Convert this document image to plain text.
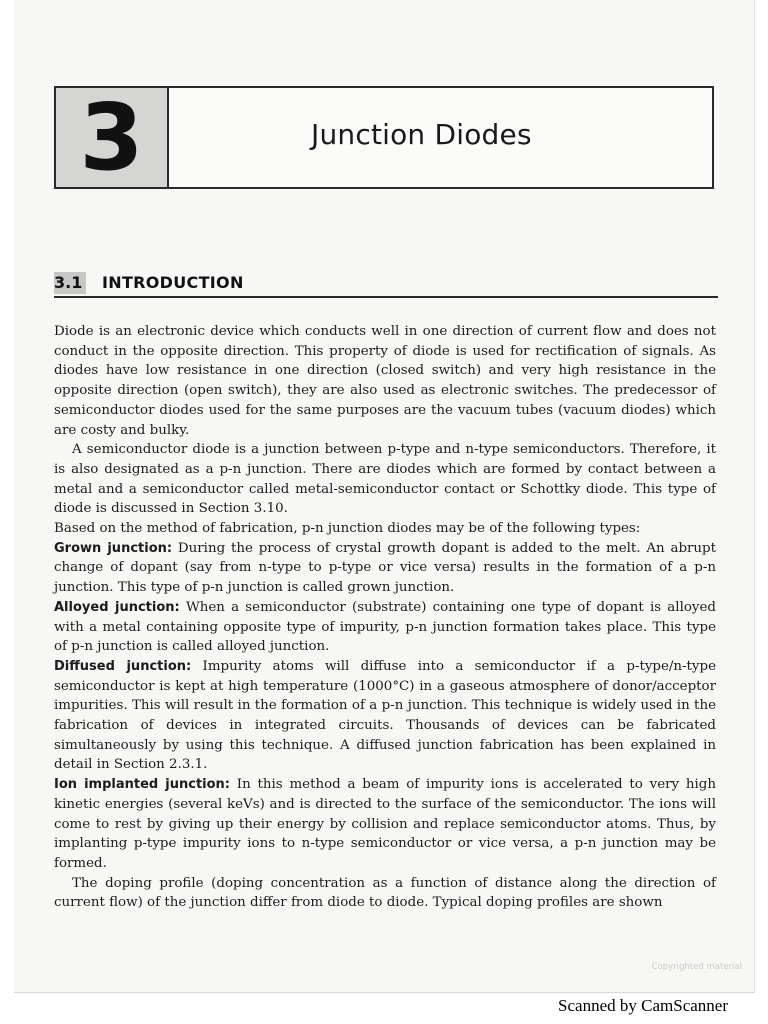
3	Junction Diodes
3.1 INTRODUCTION

Diode is an electronic device which conducts well in one direction of current flow and does not conduct in the opposite direction. This property of diode is used for rectification of signals. As diodes have low resistance in one direction (closed switch) and very high resistance in the opposite direction (open switch), they are also used as electronic switches. The predecessor of semiconductor diodes used for the same purposes are the vacuum tubes (vacuum diodes) which are costy and bulky.

A semiconductor diode is a junction between p-type and n-type semiconductors. Therefore, it is also designated as a p-n junction. There are diodes which are formed by contact between a metal and a semiconductor called metal-semiconductor contact or Schottky diode. This type of diode is discussed in Section 3.10.

Based on the method of fabrication, p-n junction diodes may be of the following types:

Grown junction: During the process of crystal growth dopant is added to the melt. An abrupt change of dopant (say from n-type to p-type or vice versa) results in the formation of a p-n junction. This type of p-n junction is called grown junction.

Alloyed junction: When a semiconductor (substrate) containing one type of dopant is alloyed with a metal containing opposite type of impurity, p-n junction formation takes place. This type of p-n junction is called alloyed junction.

Diffused junction: Impurity atoms will diffuse into a semiconductor if a p-type/n-type semiconductor is kept at high temperature (1000°C) in a gaseous atmosphere of donor/acceptor impurities. This will result in the formation of a p-n junction. This technique is widely used in the fabrication of devices in integrated circuits. Thousands of devices can be fabricated simultaneously by using this technique. A diffused junction fabrication has been explained in detail in Section 2.3.1.

Ion implanted junction: In this method a beam of impurity ions is accelerated to very high kinetic energies (several keVs) and is directed to the surface of the semiconductor. The ions will come to rest by giving up their energy by collision and replace semiconductor atoms. Thus, by implanting p-type impurity ions to n-type semiconductor or vice versa, a p-n junction may be formed.

The doping profile (doping concentration as a function of distance along the direction of current flow) of the junction differ from diode to diode. Typical doping profiles are shown

Copyrighted material
Scanned by CamScanner
